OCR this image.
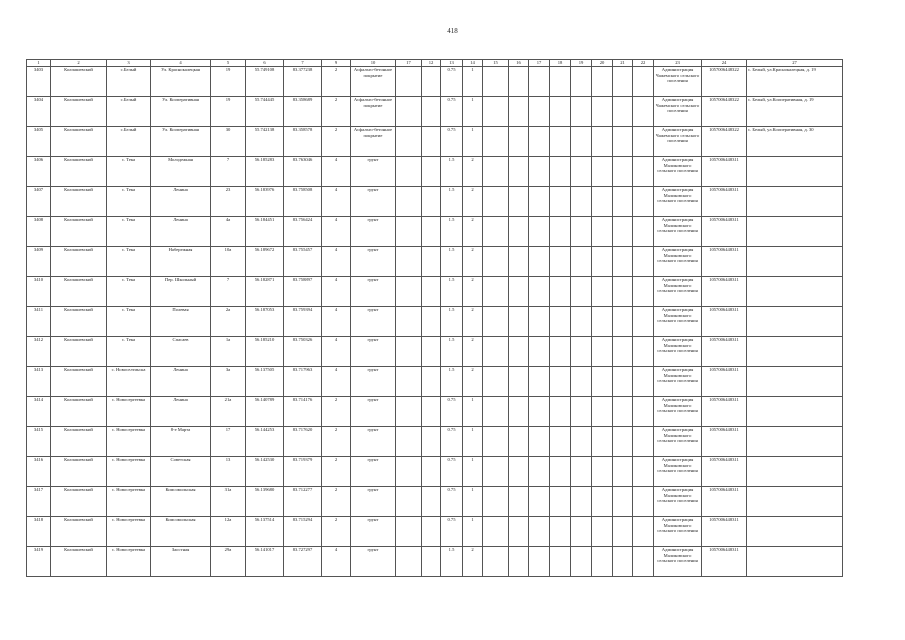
418
1	2	3	4	5	6	7	9	10	17	12	13	14	15	16	17	18	19	20	21	22	23	24	27
3403	Колпашевский	с.Белый	Ул. Краснокалецкая	19	55.749108	83.377238	2	Асфальто-бетонное покрытие			0.75	1									Администрация Чажемского сельского поселения	1057006448322	с. Белый, ул.Краснокалецкая, д. 19
3404	Колпашевский	с.Белый	Ул. Кооперативная	19	55.744445	83.358689	2	Асфальто-бетонное покрытие			0.75	1									Администрация Чажемского сельского поселения	1057006448322	с. Белый, ул.Кооперативная, д. 19
3405	Колпашевский	с.Белый	Ул. Кооперативная	30	55.742138	83.358578	2	Асфальто-бетонное покрытие			0.75	1									Администрация Чажемского сельского поселения	1057006448322	с. Белый, ул.Кооперативная, д. 30
3406	Колпашевский	с. Тека	Молодежная	7	56.185283	83.763046	4	грунт			1.5	2									Администрация Маликовского сельского поселения	1057006448311	
3407	Колпашевский	с. Тека	Ленина	23	56.183976	83.758508	4	грунт			1.5	2									Администрация Маликовского сельского поселения	1057006448311	
3408	Колпашевский	с. Тека	Ленина	4а	56.184451	83.756424	4	грунт			1.5	2									Администрация Маликовского сельского поселения	1057006448311	
3409	Колпашевский	с. Тека	Набережная	10а	56.189672	83.755457	4	грунт			1.5	2									Администрация Маликовского сельского поселения	1057006448311	
3410	Колпашевский	с. Тека	Пер. Школьный	7	56.182871	83.758897	4	грунт			1.5	2									Администрация Маликовского сельского поселения	1057006448311	
3411	Колпашевский	с. Тека	Полевая	2а	56.187053	83.759394	4	грунт			1.5	2									Администрация Маликовского сельского поселения	1057006448311	
3412	Колпашевский	с. Тека	Спасаев	1а	56.185210	83.750326	4	грунт			1.5	2									Администрация Маликовского сельского поселения	1057006448311	
3413	Колпашевский	с. Новоселтиьска	Ленина	3а	56.137505	83.717963	4	грунт			1.5	2									Администрация Маликовского сельского поселения	1057006448311	
3414	Колпашевский	с. Новосергеевка	Ленина	21а	56.140789	83.714176	2	грунт			0.75	1									Администрация Маликовского сельского поселения	1057006448311	
3415	Колпашевский	с. Новосергеевка	8-е Марта	17	56.144253	83.717620	2	грунт			0.75	1									Администрация Маликовского сельского поселения	1057006448311	
3416	Колпашевский	с. Новосергеевка	Советская	13	56.142530	83.719379	2	грунт			0.75	1									Администрация Маликовского сельского поселения	1057006448311	
3417	Колпашевский	с. Новосергеевка	Комсомольская	31а	56.139680	83.712277	2	грунт			0.75	1									Администрация Маликовского сельского поселения	1057006448311	
3418	Колпашевский	с. Новосергеевка	Комсомольская	12а	56.137514	83.715294	2	грунт			0.75	1									Администрация Маликовского сельского поселения	1057006448311	
3419	Колпашевский	с. Новосергеевка	Заостная	29а	56.141017	83.727297	4	грунт			1.5	2									Администрация Маликовского сельского поселения	1057006448311	
